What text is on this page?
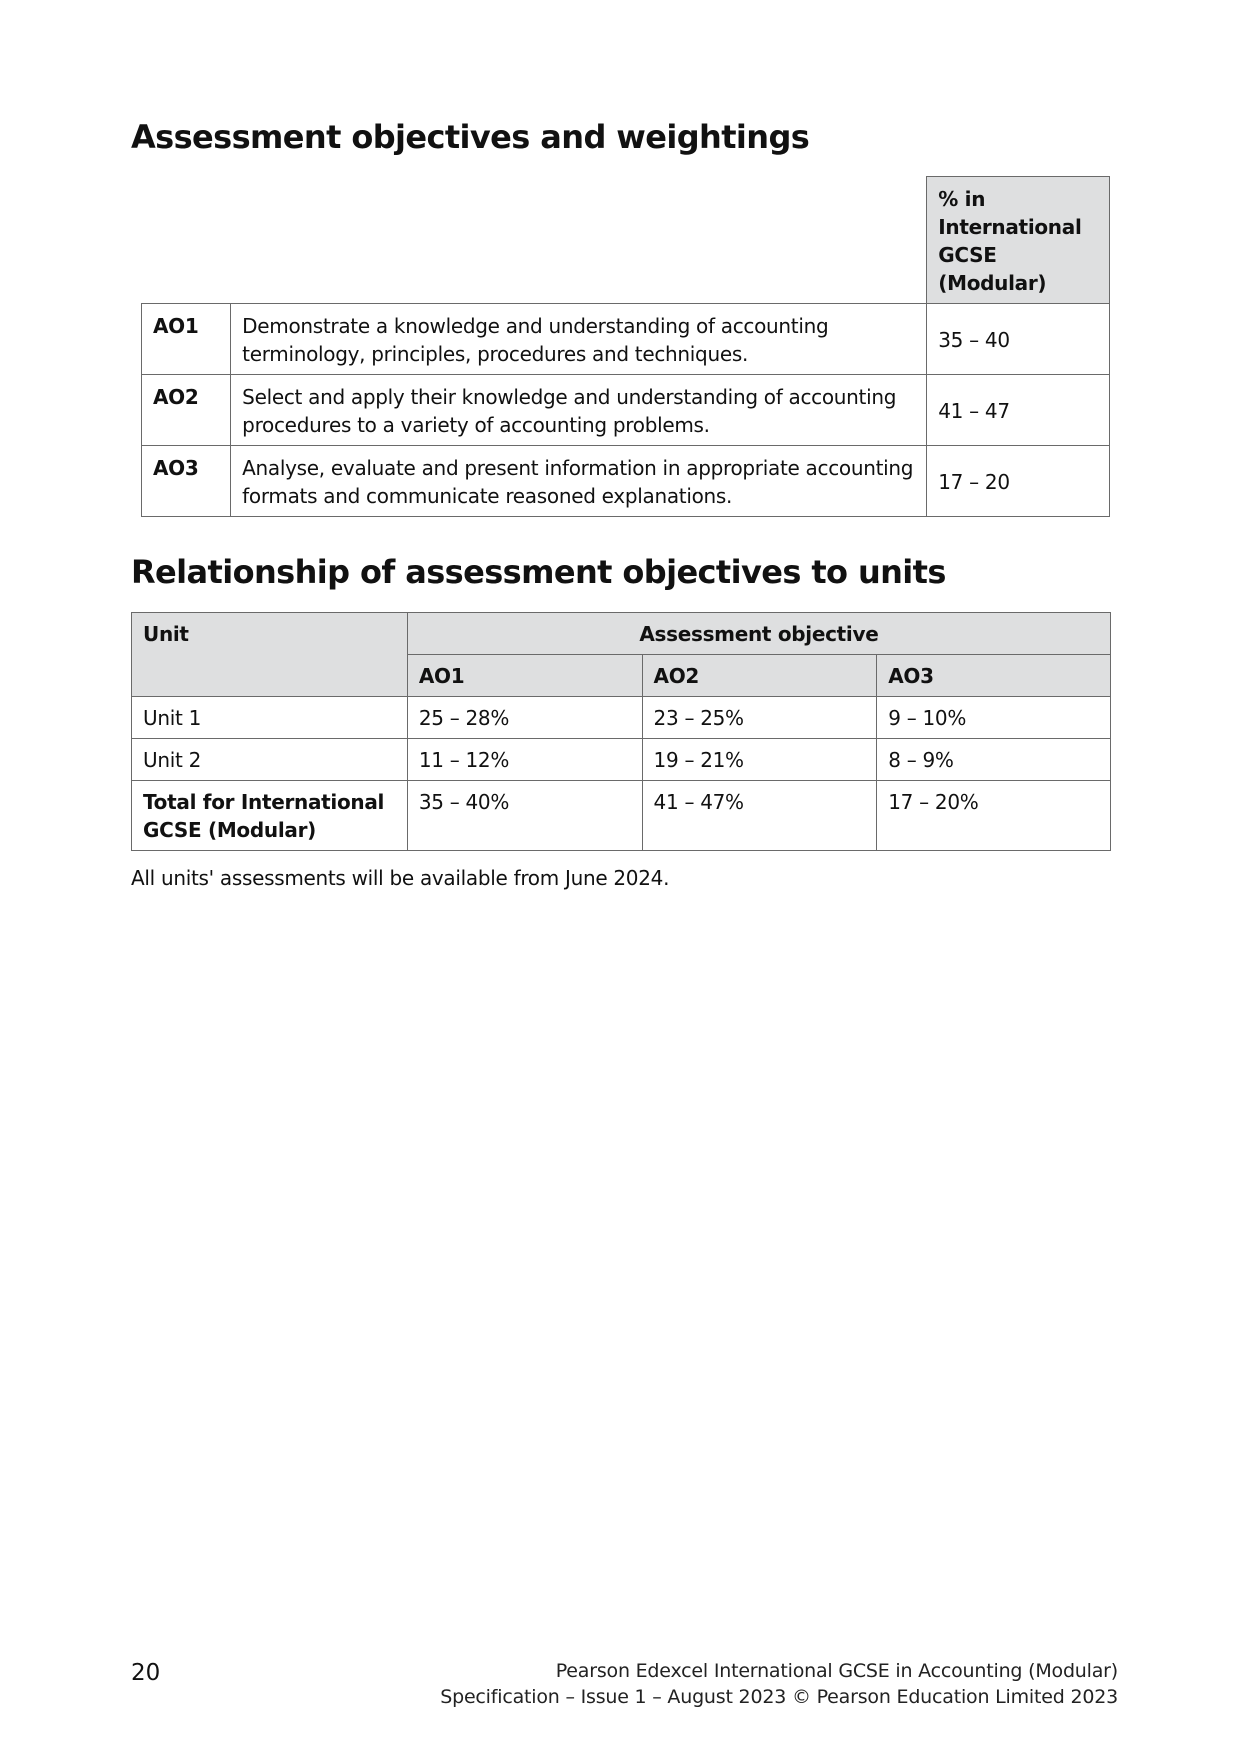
Assessment objectives and weightings
		% in International GCSE (Modular)
AO1	Demonstrate a knowledge and understanding of accounting terminology, principles, procedures and techniques.	35 – 40
AO2	Select and apply their knowledge and understanding of accounting procedures to a variety of accounting problems.	41 – 47
AO3	Analyse, evaluate and present information in appropriate accounting formats and communicate reasoned explanations.	17 – 20
Relationship of assessment objectives to units
Unit	Assessment objective		
	AO1	AO2	AO3
Unit 1	25 – 28%	23 – 25%	9 – 10%
Unit 2	11 – 12%	19 – 21%	8 – 9%
Total for International GCSE (Modular)	35 – 40%	41 – 47%	17 – 20%

All units' assessments will be available from June 2024.

20	Pearson Edexcel International GCSE in Accounting (Modular)
Specification – Issue 1 – August 2023 © Pearson Education Limited 2023
